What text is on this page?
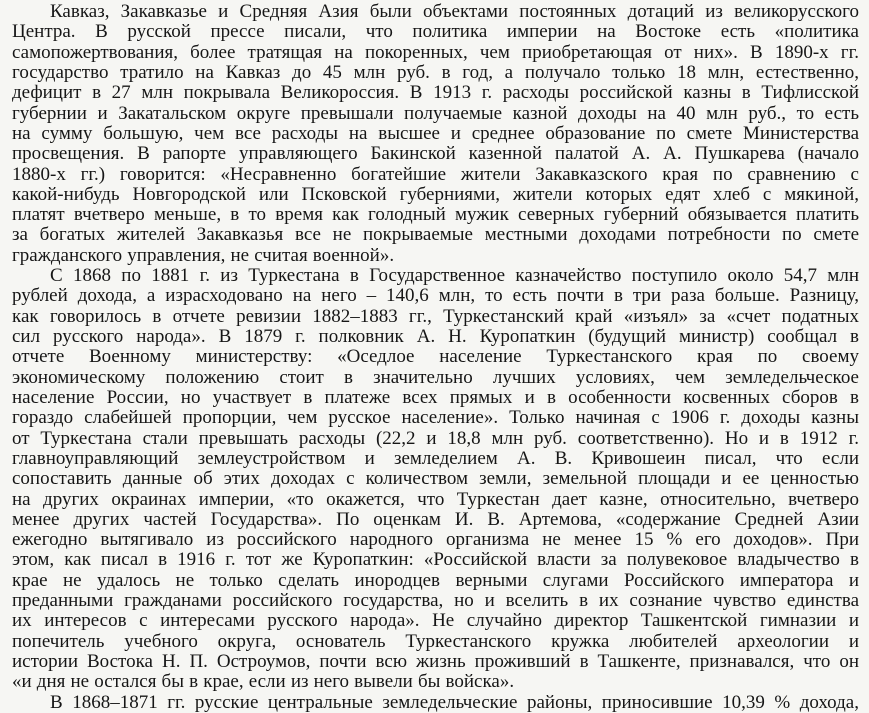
Кавказ, Закавказье и Средняя Азия были объектами постоянных дотаций из великорусского
Центра. В русской прессе писали, что политика империи на Востоке есть «политика
самопожертвования, более тратящая на покоренных, чем приобретающая от них». В 1890-х гг.
государство тратило на Кавказ до 45 млн руб. в год, а получало только 18 млн, естественно,
дефицит в 27 млн покрывала Великороссия. В 1913 г. расходы российской казны в Тифлисской
губернии и Закатальском округе превышали получаемые казной доходы на 40 млн руб., то есть
на сумму большую, чем все расходы на высшее и среднее образование по смете Министерства
просвещения. В рапорте управляющего Бакинской казенной палатой А. А. Пушкарева (начало
1880-х гг.) говорится: «Несравненно богатейшие жители Закавказского края по сравнению с
какой-нибудь Новгородской или Псковской губерниями, жители которых едят хлеб с мякиной,
платят вчетверо меньше, в то время как голодный мужик северных губерний обязывается платить
за богатых жителей Закавказья все не покрываемые местными доходами потребности по смете
гражданского управления, не считая военной».
С 1868 по 1881 г. из Туркестана в Государственное казначейство поступило около 54,7 млн
рублей дохода, а израсходовано на него – 140,6 млн, то есть почти в три раза больше. Разницу,
как говорилось в отчете ревизии 1882–1883 гг., Туркестанский край «изъял» за «счет податных
сил русского народа». В 1879 г. полковник А. Н. Куропаткин (будущий министр) сообщал в
отчете Военному министерству: «Оседлое население Туркестанского края по своему
экономическому положению стоит в значительно лучших условиях, чем земледельческое
население России, но участвует в платеже всех прямых и в особенности косвенных сборов в
гораздо слабейшей пропорции, чем русское население». Только начиная с 1906 г. доходы казны
от Туркестана стали превышать расходы (22,2 и 18,8 млн руб. соответственно). Но и в 1912 г.
главноуправляющий землеустройством и земледелием А. В. Кривошеин писал, что если
сопоставить данные об этих доходах с количеством земли, земельной площади и ее ценностью
на других окраинах империи, «то окажется, что Туркестан дает казне, относительно, вчетверо
менее других частей Государства». По оценкам И. В. Артемова, «содержание Средней Азии
ежегодно вытягивало из российского народного организма не менее 15 % его доходов». При
этом, как писал в 1916 г. тот же Куропаткин: «Российской власти за полувековое владычество в
крае не удалось не только сделать инородцев верными слугами Российского императора и
преданными гражданами российского государства, но и вселить в их сознание чувство единства
их интересов с интересами русского народа». Не случайно директор Ташкентской гимназии и
попечитель учебного округа, основатель Туркестанского кружка любителей археологии и
истории Востока Н. П. Остроумов, почти всю жизнь проживший в Ташкенте, признавался, что он
«и дня не остался бы в крае, если из него вывели бы войска».
В 1868–1871 гг. русские центральные земледельческие районы, приносившие 10,39 % дохода,
